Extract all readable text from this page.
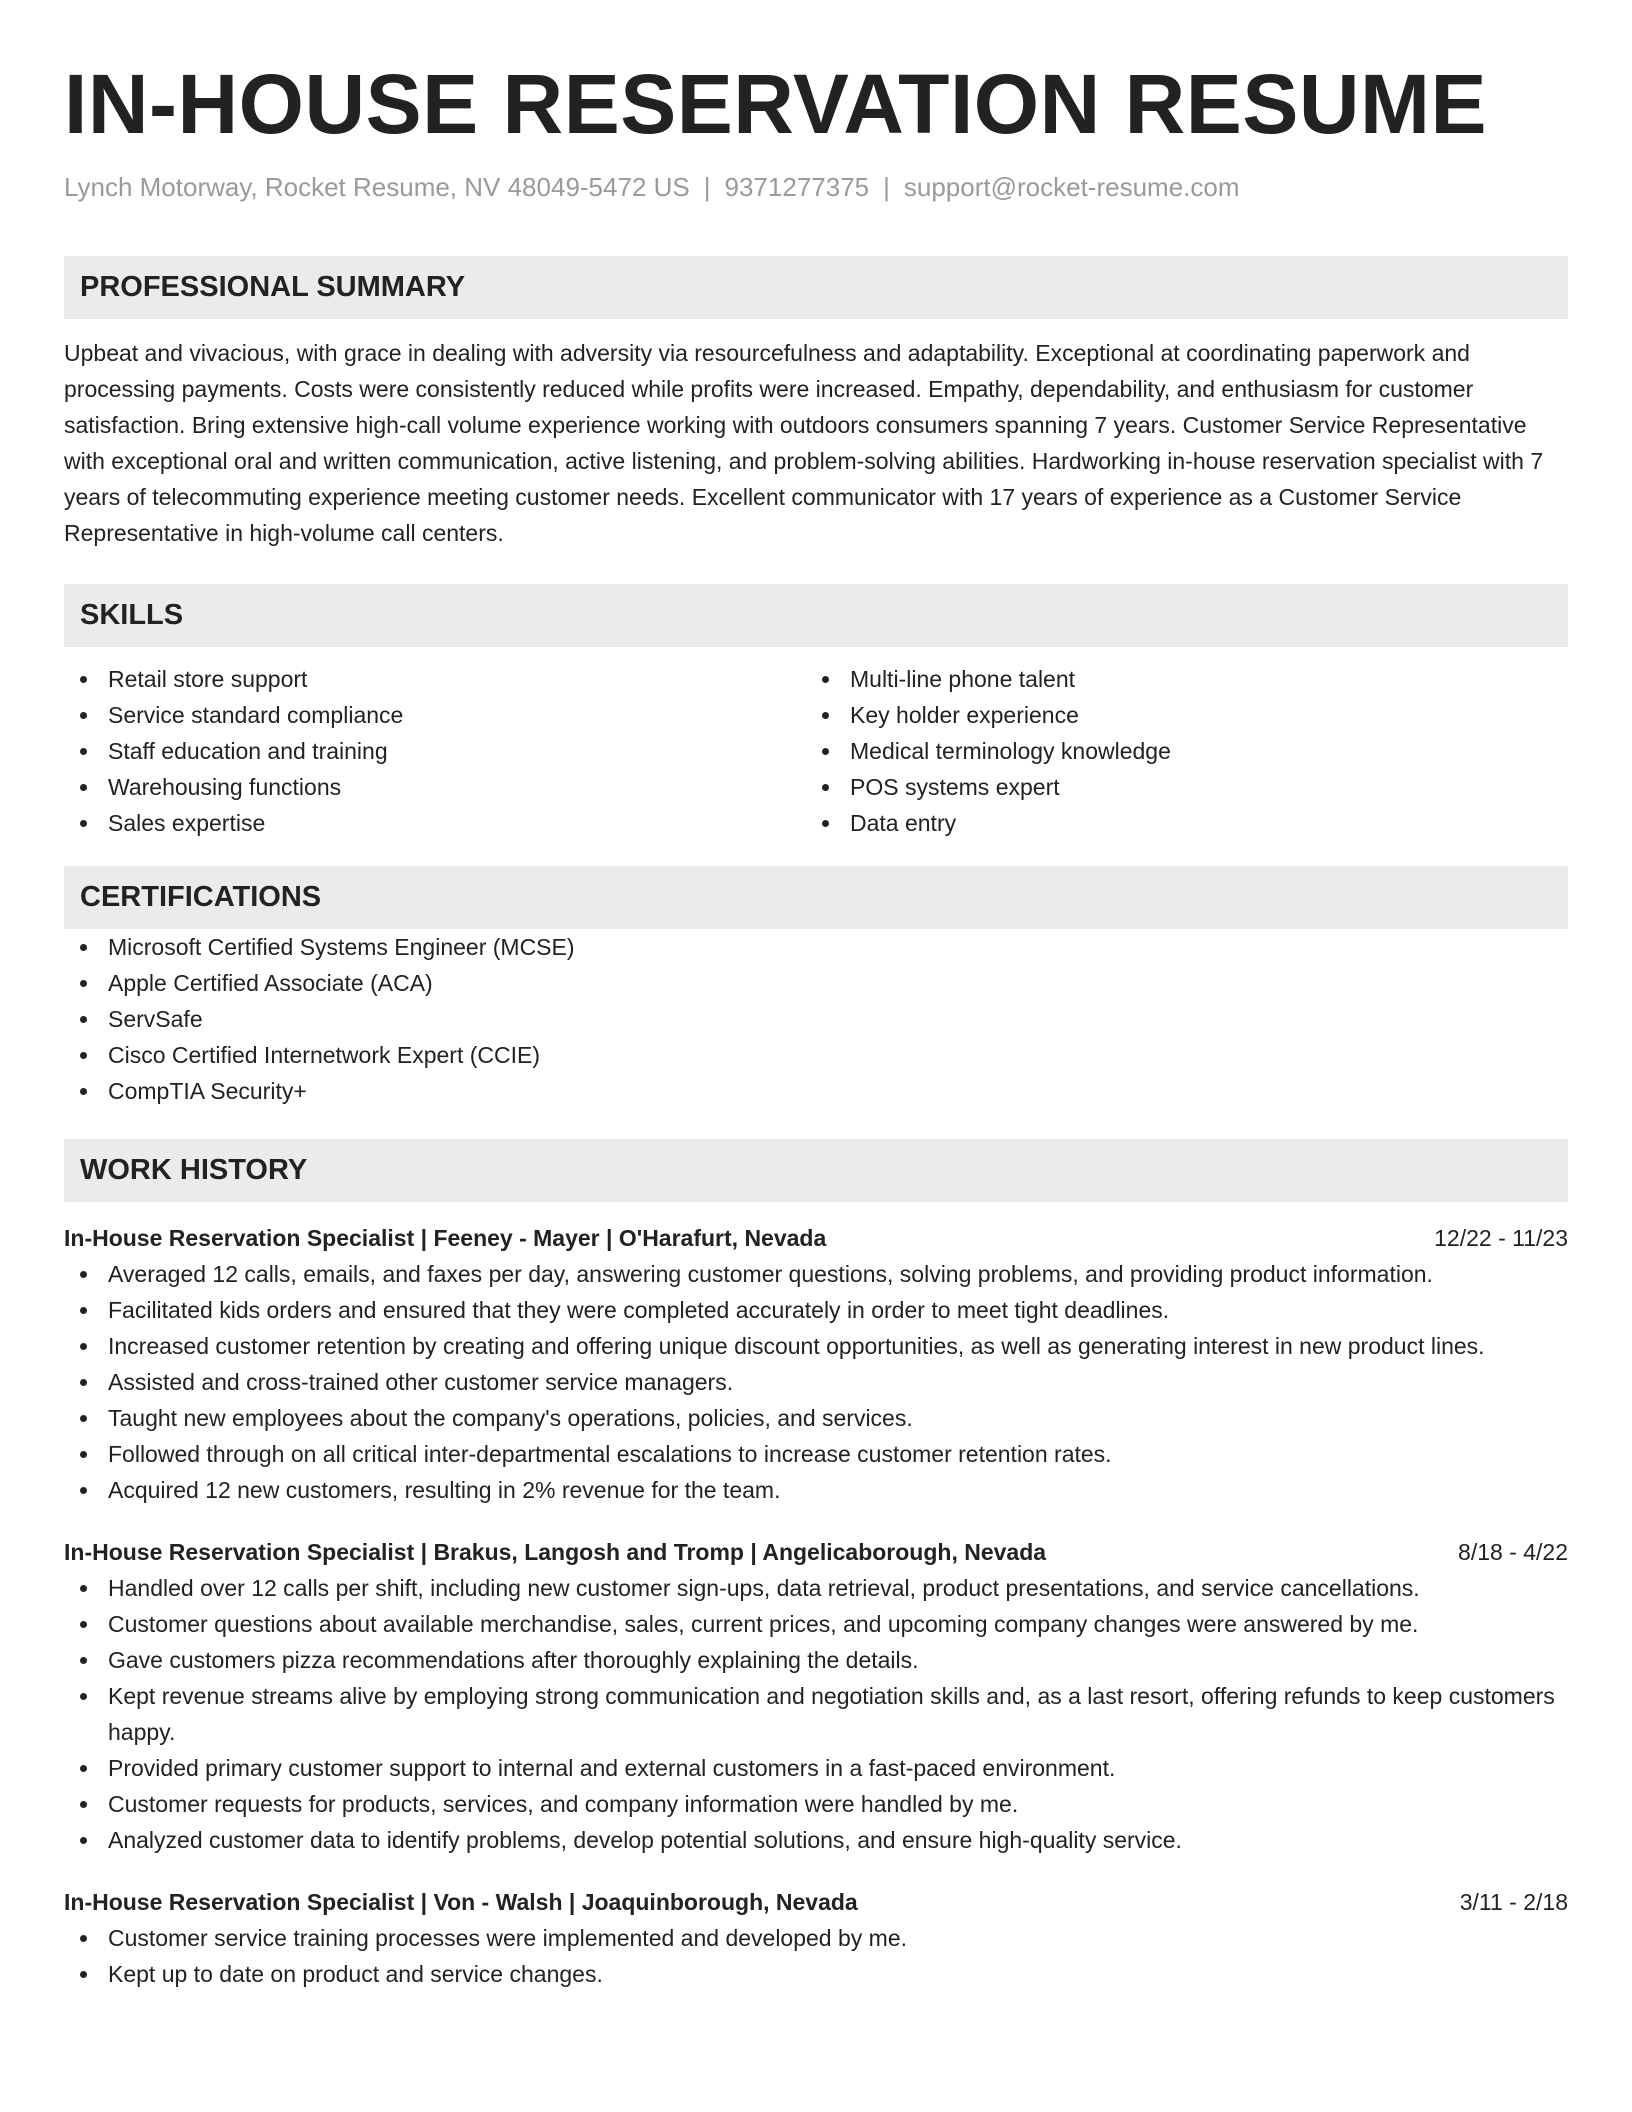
IN-HOUSE RESERVATION RESUME
Lynch Motorway, Rocket Resume, NV 48049-5472 US | 9371277375 | support@rocket-resume.com
PROFESSIONAL SUMMARY
Upbeat and vivacious, with grace in dealing with adversity via resourcefulness and adaptability. Exceptional at coordinating paperwork and processing payments. Costs were consistently reduced while profits were increased. Empathy, dependability, and enthusiasm for customer satisfaction. Bring extensive high-call volume experience working with outdoors consumers spanning 7 years. Customer Service Representative with exceptional oral and written communication, active listening, and problem-solving abilities. Hardworking in-house reservation specialist with 7 years of telecommuting experience meeting customer needs. Excellent communicator with 17 years of experience as a Customer Service Representative in high-volume call centers.
SKILLS
Retail store support
Service standard compliance
Staff education and training
Warehousing functions
Sales expertise
Multi-line phone talent
Key holder experience
Medical terminology knowledge
POS systems expert
Data entry
CERTIFICATIONS
Microsoft Certified Systems Engineer (MCSE)
Apple Certified Associate (ACA)
ServSafe
Cisco Certified Internetwork Expert (CCIE)
CompTIA Security+
WORK HISTORY
In-House Reservation Specialist | Feeney - Mayer | O'Harafurt, Nevada	12/22 - 11/23
Averaged 12 calls, emails, and faxes per day, answering customer questions, solving problems, and providing product information.
Facilitated kids orders and ensured that they were completed accurately in order to meet tight deadlines.
Increased customer retention by creating and offering unique discount opportunities, as well as generating interest in new product lines.
Assisted and cross-trained other customer service managers.
Taught new employees about the company's operations, policies, and services.
Followed through on all critical inter-departmental escalations to increase customer retention rates.
Acquired 12 new customers, resulting in 2% revenue for the team.
In-House Reservation Specialist | Brakus, Langosh and Tromp | Angelicaborough, Nevada	8/18 - 4/22
Handled over 12 calls per shift, including new customer sign-ups, data retrieval, product presentations, and service cancellations.
Customer questions about available merchandise, sales, current prices, and upcoming company changes were answered by me.
Gave customers pizza recommendations after thoroughly explaining the details.
Kept revenue streams alive by employing strong communication and negotiation skills and, as a last resort, offering refunds to keep customers happy.
Provided primary customer support to internal and external customers in a fast-paced environment.
Customer requests for products, services, and company information were handled by me.
Analyzed customer data to identify problems, develop potential solutions, and ensure high-quality service.
In-House Reservation Specialist | Von - Walsh | Joaquinborough, Nevada	3/11 - 2/18
Customer service training processes were implemented and developed by me.
Kept up to date on product and service changes.
